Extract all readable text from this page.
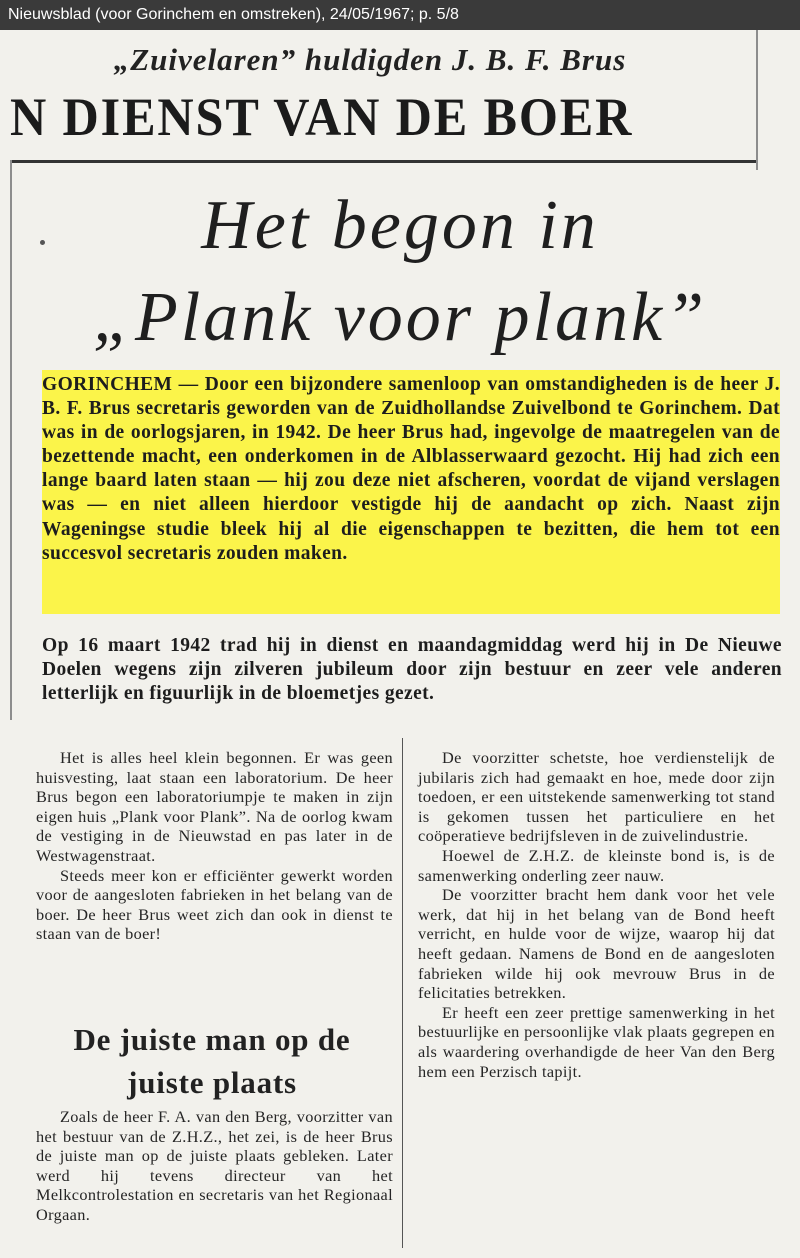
Nieuwsblad (voor Gorinchem en omstreken), 24/05/1967; p. 5/8
„Zuivelaren” huldigden J. B. F. Brus
N DIENST VAN DE BOER
Het begon in
„Plank voor plank”
GORINCHEM — Door een bijzondere samenloop van omstandigheden is de heer J. B. F. Brus secretaris geworden van de Zuidhollandse Zuivelbond te Gorinchem. Dat was in de oorlogsjaren, in 1942. De heer Brus had, ingevolge de maatregelen van de bezettende macht, een onderkomen in de Alblasserwaard gezocht. Hij had zich een lange baard laten staan — hij zou deze niet afscheren, voordat de vijand verslagen was — en niet alleen hierdoor vestigde hij de aandacht op zich. Naast zijn Wageningse studie bleek hij al die eigenschappen te bezitten, die hem tot een succesvol secretaris zouden maken.
Op 16 maart 1942 trad hij in dienst en maandagmiddag werd hij in De Nieuwe Doelen wegens zijn zilveren jubileum door zijn bestuur en zeer vele anderen letterlijk en figuurlijk in de bloemetjes gezet.

Het is alles heel klein begonnen. Er was geen huisvesting, laat staan een laboratorium. De heer Brus begon een laboratoriumpje te maken in zijn eigen huis „Plank voor Plank”. Na de oorlog kwam de vestiging in de Nieuwstad en pas later in de Westwagenstraat.

Steeds meer kon er efficiënter gewerkt worden voor de aangesloten fabrieken in het belang van de boer. De heer Brus weet zich dan ook in dienst te staan van de boer!

De juiste man op de juiste plaats

Zoals de heer F. A. van den Berg, voorzitter van het bestuur van de Z.H.Z., het zei, is de heer Brus de juiste man op de juiste plaats gebleken. Later werd hij tevens directeur van het Melkcontrolestation en secretaris van het Regionaal Orgaan.

De voorzitter schetste, hoe verdienstelijk de jubilaris zich had gemaakt en hoe, mede door zijn toedoen, er een uitstekende samenwerking tot stand is gekomen tussen het particuliere en het coöperatieve bedrijfsleven in de zuivelindustrie.

Hoewel de Z.H.Z. de kleinste bond is, is de samenwerking onderling zeer nauw.

De voorzitter bracht hem dank voor het vele werk, dat hij in het belang van de Bond heeft verricht, en hulde voor de wijze, waarop hij dat heeft gedaan. Namens de Bond en de aangesloten fabrieken wilde hij ook mevrouw Brus in de felicitaties betrekken.

Er heeft een zeer prettige samenwerking in het bestuurlijke en persoonlijke vlak plaats gegrepen en als waardering overhandigde de heer Van den Berg hem een Perzisch tapijt.
